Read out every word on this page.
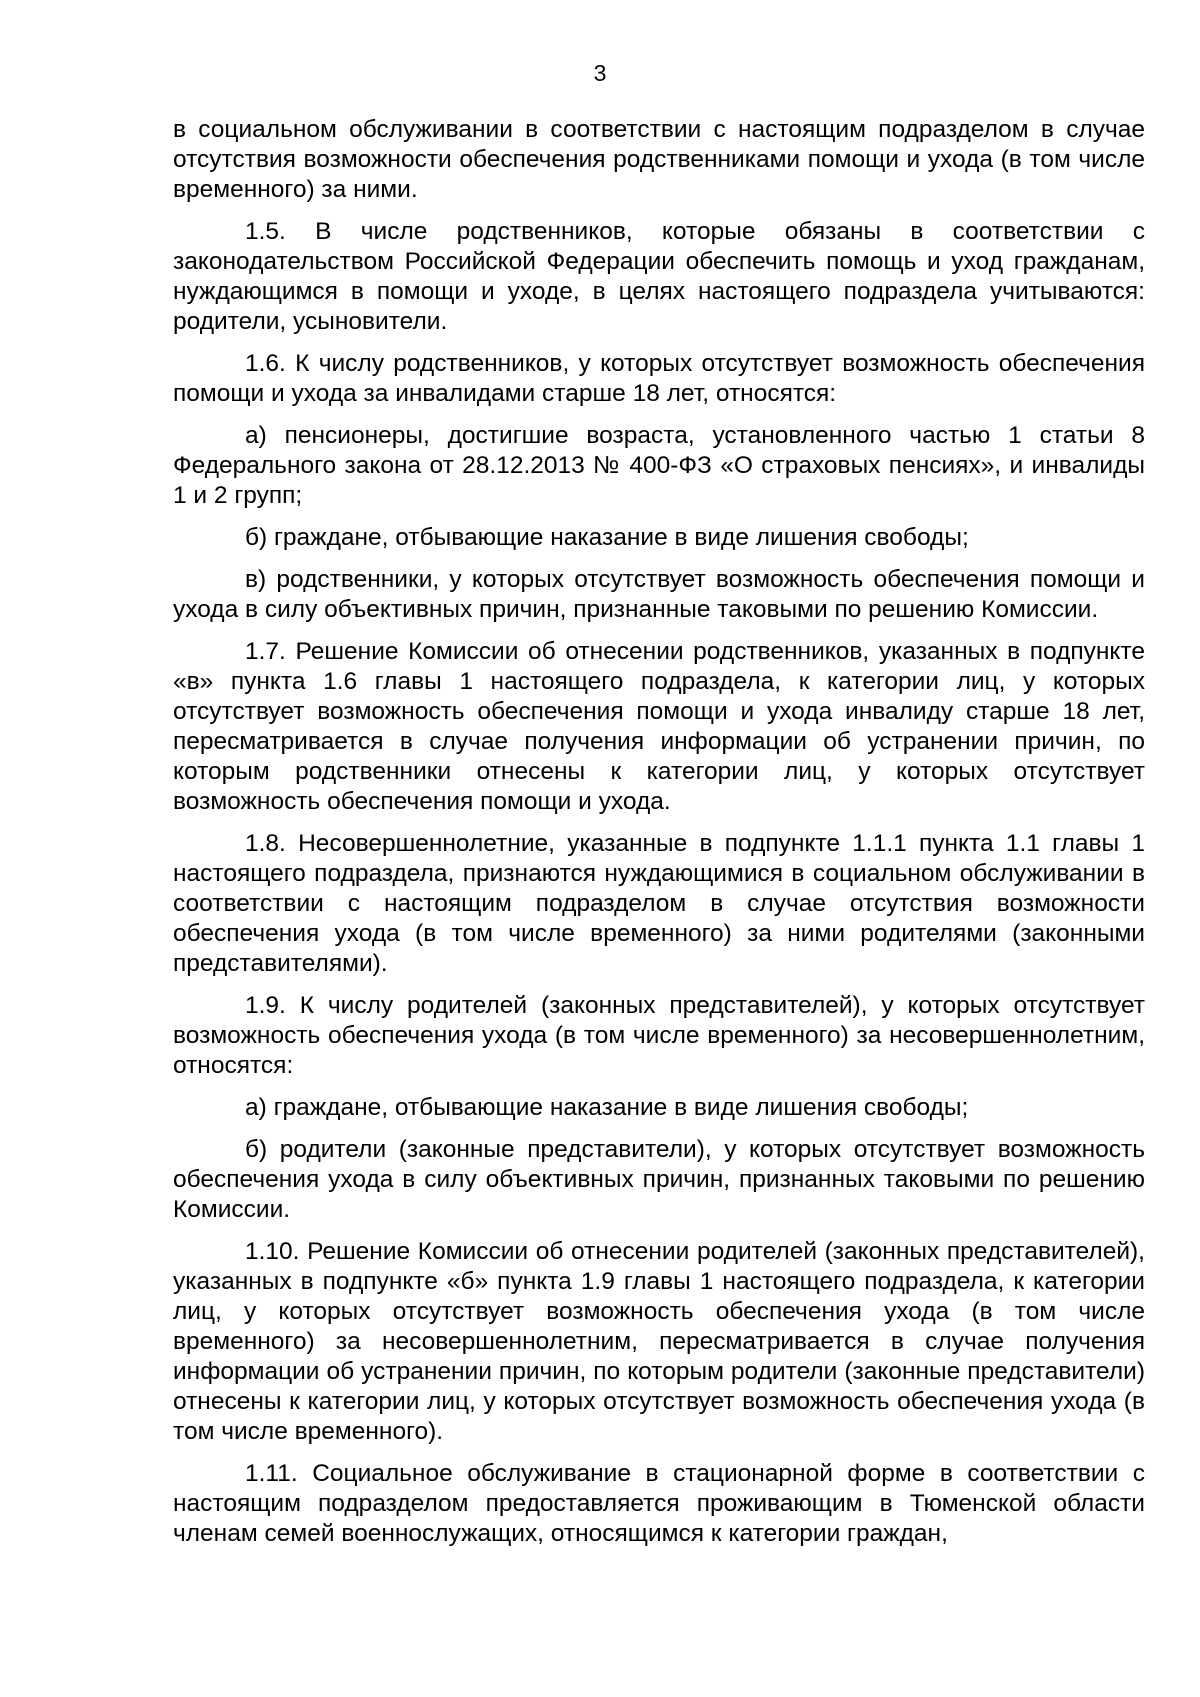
3

в социальном обслуживании в соответствии с настоящим подразделом в случае отсутствия возможности обеспечения родственниками помощи и ухода (в том числе временного) за ними.

1.5. В числе родственников, которые обязаны в соответствии с законодательством Российской Федерации обеспечить помощь и уход гражданам, нуждающимся в помощи и уходе, в целях настоящего подраздела учитываются: родители, усыновители.

1.6. К числу родственников, у которых отсутствует возможность обеспечения помощи и ухода за инвалидами старше 18 лет, относятся:

а) пенсионеры, достигшие возраста, установленного частью 1 статьи 8 Федерального закона от 28.12.2013 № 400-ФЗ «О страховых пенсиях», и инвалиды 1 и 2 групп;

б) граждане, отбывающие наказание в виде лишения свободы;

в) родственники, у которых отсутствует возможность обеспечения помощи и ухода в силу объективных причин, признанные таковыми по решению Комиссии.

1.7. Решение Комиссии об отнесении родственников, указанных в подпункте «в» пункта 1.6 главы 1 настоящего подраздела, к категории лиц, у которых отсутствует возможность обеспечения помощи и ухода инвалиду старше 18 лет, пересматривается в случае получения информации об устранении причин, по которым родственники отнесены к категории лиц, у которых отсутствует возможность обеспечения помощи и ухода.

1.8. Несовершеннолетние, указанные в подпункте 1.1.1 пункта 1.1 главы 1 настоящего подраздела, признаются нуждающимися в социальном обслуживании в соответствии с настоящим подразделом в случае отсутствия возможности обеспечения ухода (в том числе временного) за ними родителями (законными представителями).

1.9. К числу родителей (законных представителей), у которых отсутствует возможность обеспечения ухода (в том числе временного) за несовершеннолетним, относятся:

а) граждане, отбывающие наказание в виде лишения свободы;

б) родители (законные представители), у которых отсутствует возможность обеспечения ухода в силу объективных причин, признанных таковыми по решению Комиссии.

1.10. Решение Комиссии об отнесении родителей (законных представителей), указанных в подпункте «б» пункта 1.9 главы 1 настоящего подраздела, к категории лиц, у которых отсутствует возможность обеспечения ухода (в том числе временного) за несовершеннолетним, пересматривается в случае получения информации об устранении причин, по которым родители (законные представители) отнесены к категории лиц, у которых отсутствует возможность обеспечения ухода (в том числе временного).

1.11. Социальное обслуживание в стационарной форме в соответствии с настоящим подразделом предоставляется проживающим в Тюменской области членам семей военнослужащих, относящимся к категории граждан,
